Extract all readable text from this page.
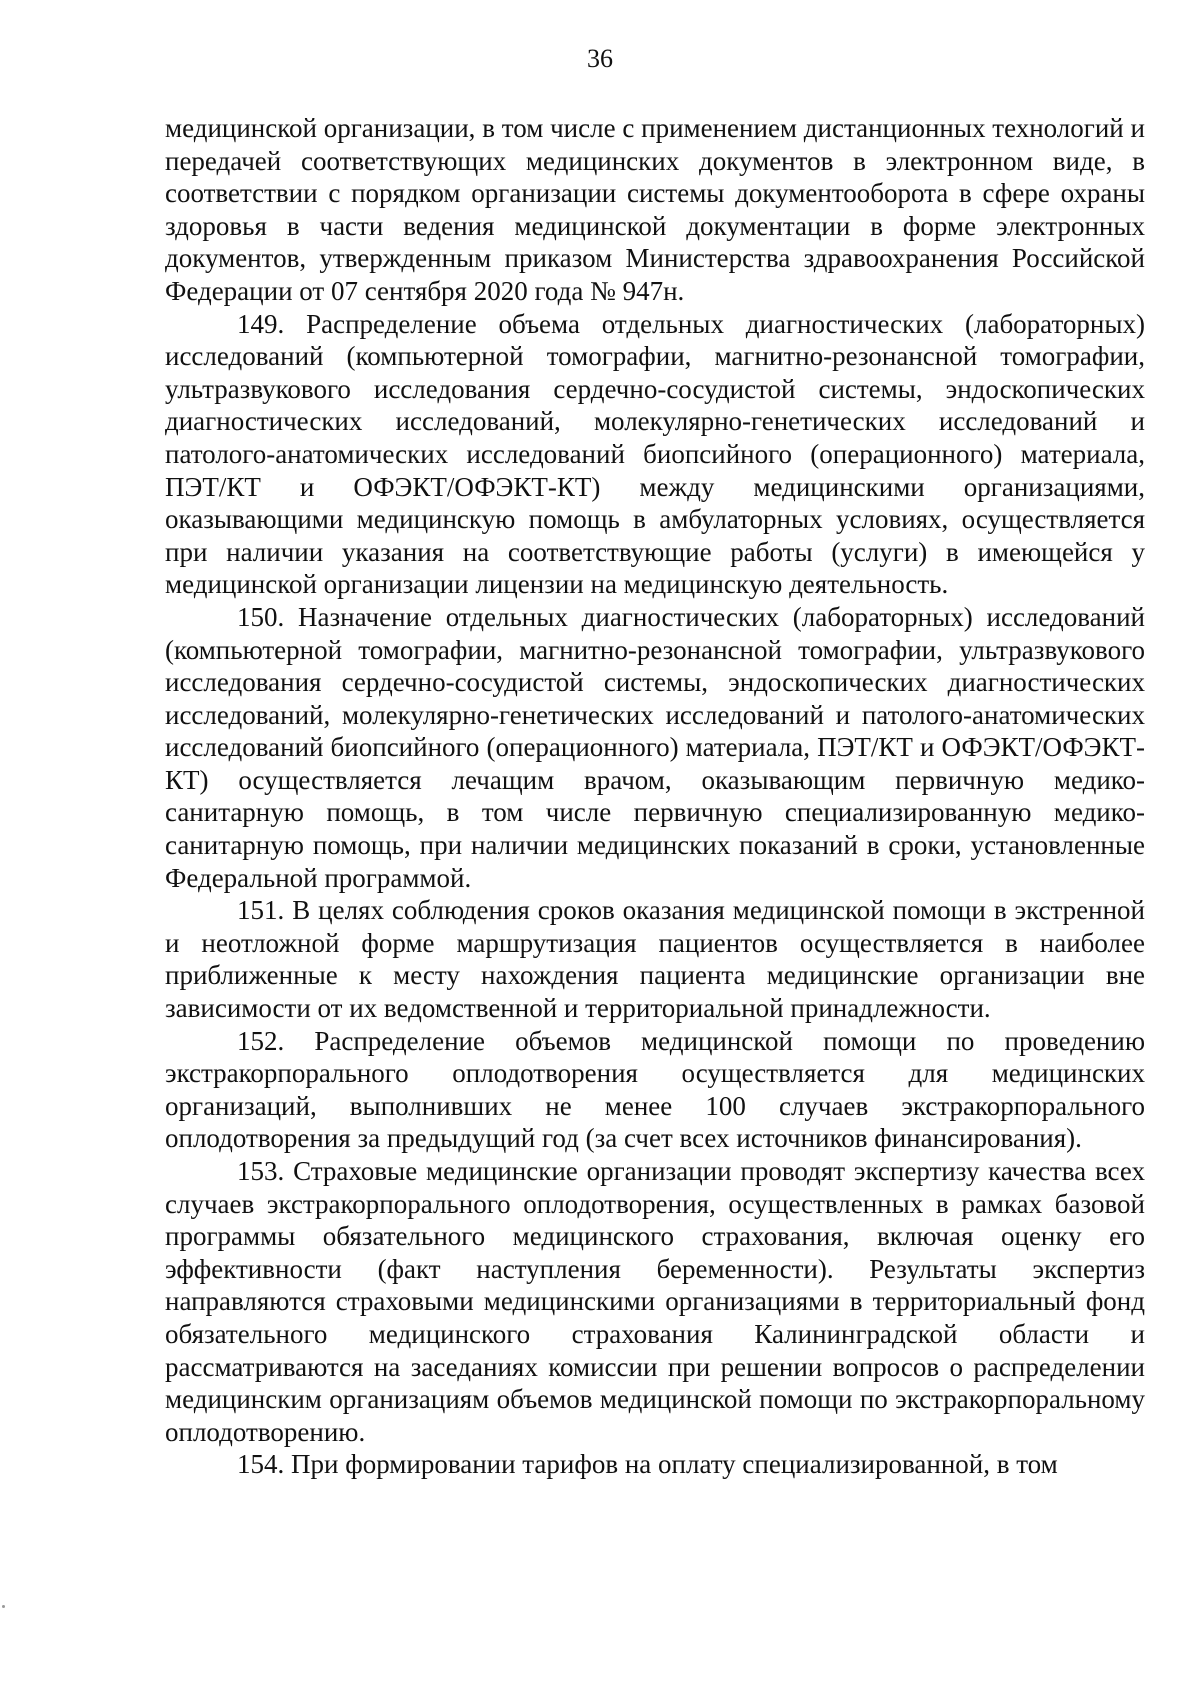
36

медицинской организации, в том числе с применением дистанционных технологий и передачей соответствующих медицинских документов в электронном виде, в соответствии с порядком организации системы документооборота в сфере охраны здоровья в части ведения медицинской документации в форме электронных документов, утвержденным приказом Министерства здравоохранения Российской Федерации от 07 сентября 2020 года № 947н.

149. Распределение объема отдельных диагностических (лабораторных) исследований (компьютерной томографии, магнитно-резонансной томографии, ультразвукового исследования сердечно-сосудистой системы, эндоскопических диагностических исследований, молекулярно-генетических исследований и патолого-анатомических исследований биопсийного (операционного) материала, ПЭТ/КТ и ОФЭКТ/ОФЭКТ-КТ) между медицинскими организациями, оказывающими медицинскую помощь в амбулаторных условиях, осуществляется при наличии указания на соответствующие работы (услуги) в имеющейся у медицинской организации лицензии на медицинскую деятельность.

150. Назначение отдельных диагностических (лабораторных) исследований (компьютерной томографии, магнитно-резонансной томографии, ультразвукового исследования сердечно-сосудистой системы, эндоскопических диагностических исследований, молекулярно-генетических исследований и патолого-анатомических исследований биопсийного (операционного) материала, ПЭТ/КТ и ОФЭКТ/ОФЭКТ-КТ) осуществляется лечащим врачом, оказывающим первичную медико-санитарную помощь, в том числе первичную специализированную медико-санитарную помощь, при наличии медицинских показаний в сроки, установленные Федеральной программой.

151. В целях соблюдения сроков оказания медицинской помощи в экстренной и неотложной форме маршрутизация пациентов осуществляется в наиболее приближенные к месту нахождения пациента медицинские организации вне зависимости от их ведомственной и территориальной принадлежности.

152. Распределение объемов медицинской помощи по проведению экстракорпорального оплодотворения осуществляется для медицинских организаций, выполнивших не менее 100 случаев экстракорпорального оплодотворения за предыдущий год (за счет всех источников финансирования).

153. Страховые медицинские организации проводят экспертизу качества всех случаев экстракорпорального оплодотворения, осуществленных в рамках базовой программы обязательного медицинского страхования, включая оценку его эффективности (факт наступления беременности). Результаты экспертиз направляются страховыми медицинскими организациями в территориальный фонд обязательного медицинского страхования Калининградской области и рассматриваются на заседаниях комиссии при решении вопросов о распределении медицинским организациям объемов медицинской помощи по экстракорпоральному оплодотворению.

154. При формировании тарифов на оплату специализированной, в том
